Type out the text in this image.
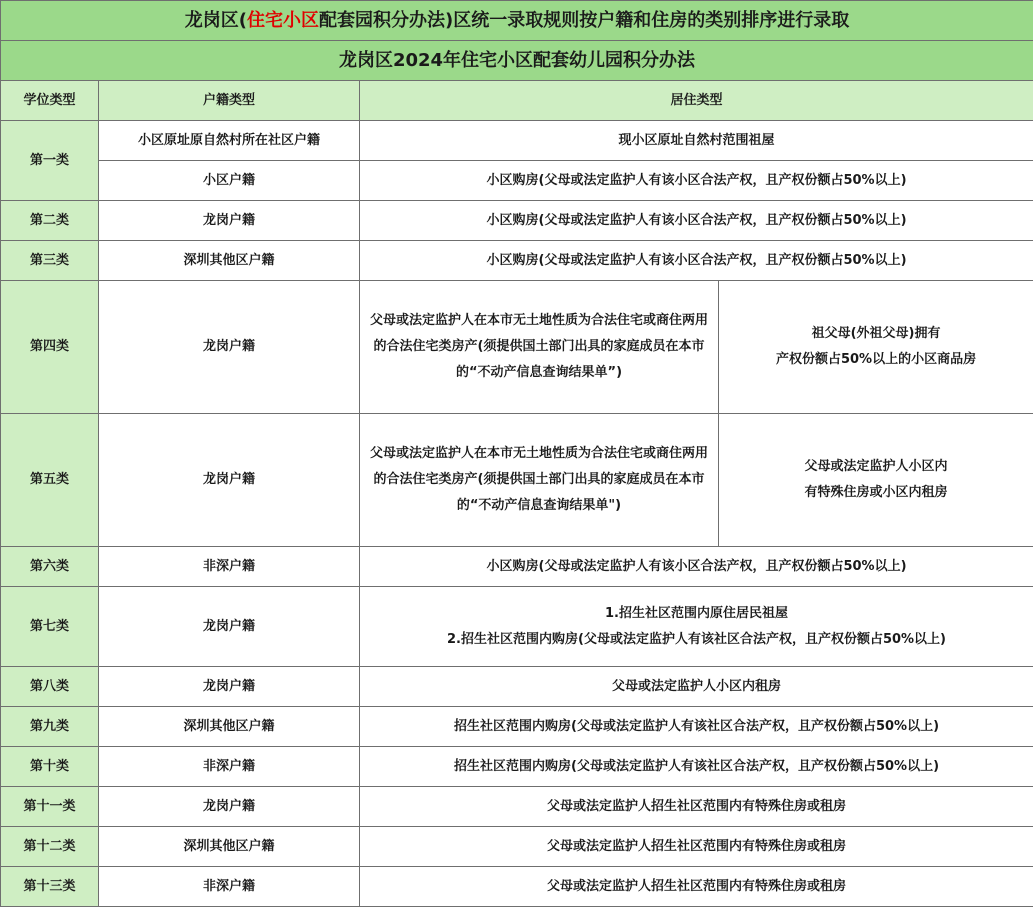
龙岗区(住宅小区配套园积分办法)区统一录取规则按户籍和住房的类别排序进行录取			
龙岗区2024年住宅小区配套幼儿园积分办法			
学位类型	户籍类型	居住类型	
第一类	小区原址原自然村所在社区户籍	现小区原址自然村范围祖屋	
	小区户籍	小区购房(父母或法定监护人有该小区合法产权，且产权份额占50%以上)	
第二类	龙岗户籍	小区购房(父母或法定监护人有该小区合法产权，且产权份额占50%以上)	
第三类	深圳其他区户籍	小区购房(父母或法定监护人有该小区合法产权，且产权份额占50%以上)	
第四类	龙岗户籍	父母或法定监护人在本市无土地性质为合法住宅或商住两用的合法住宅类房产(须提供国土部门出具的家庭成员在本市的“不动产信息查询结果单”)	祖父母(外祖父母)拥有
产权份额占50%以上的小区商品房

第五类	龙岗户籍	父母或法定监护人在本市无土地性质为合法住宅或商住两用的合法住宅类房产(须提供国土部门出具的家庭成员在本市的“不动产信息查询结果单")	父母或法定监护人小区内
有特殊住房或小区内租房

第六类	非深户籍	小区购房(父母或法定监护人有该小区合法产权，且产权份额占50%以上)	
第七类	龙岗户籍	1.招生社区范围内原住居民祖屋
2.招生社区范围内购房(父母或法定监护人有该社区合法产权，且产权份额占50%以上)	

第八类	龙岗户籍	父母或法定监护人小区内租房	
第九类	深圳其他区户籍	招生社区范围内购房(父母或法定监护人有该社区合法产权，且产权份额占50%以上)	
第十类	非深户籍	招生社区范围内购房(父母或法定监护人有该社区合法产权，且产权份额占50%以上)	
第十一类	龙岗户籍	父母或法定监护人招生社区范围内有特殊住房或租房	
第十二类	深圳其他区户籍	父母或法定监护人招生社区范围内有特殊住房或租房	
第十三类	非深户籍	父母或法定监护人招生社区范围内有特殊住房或租房	
